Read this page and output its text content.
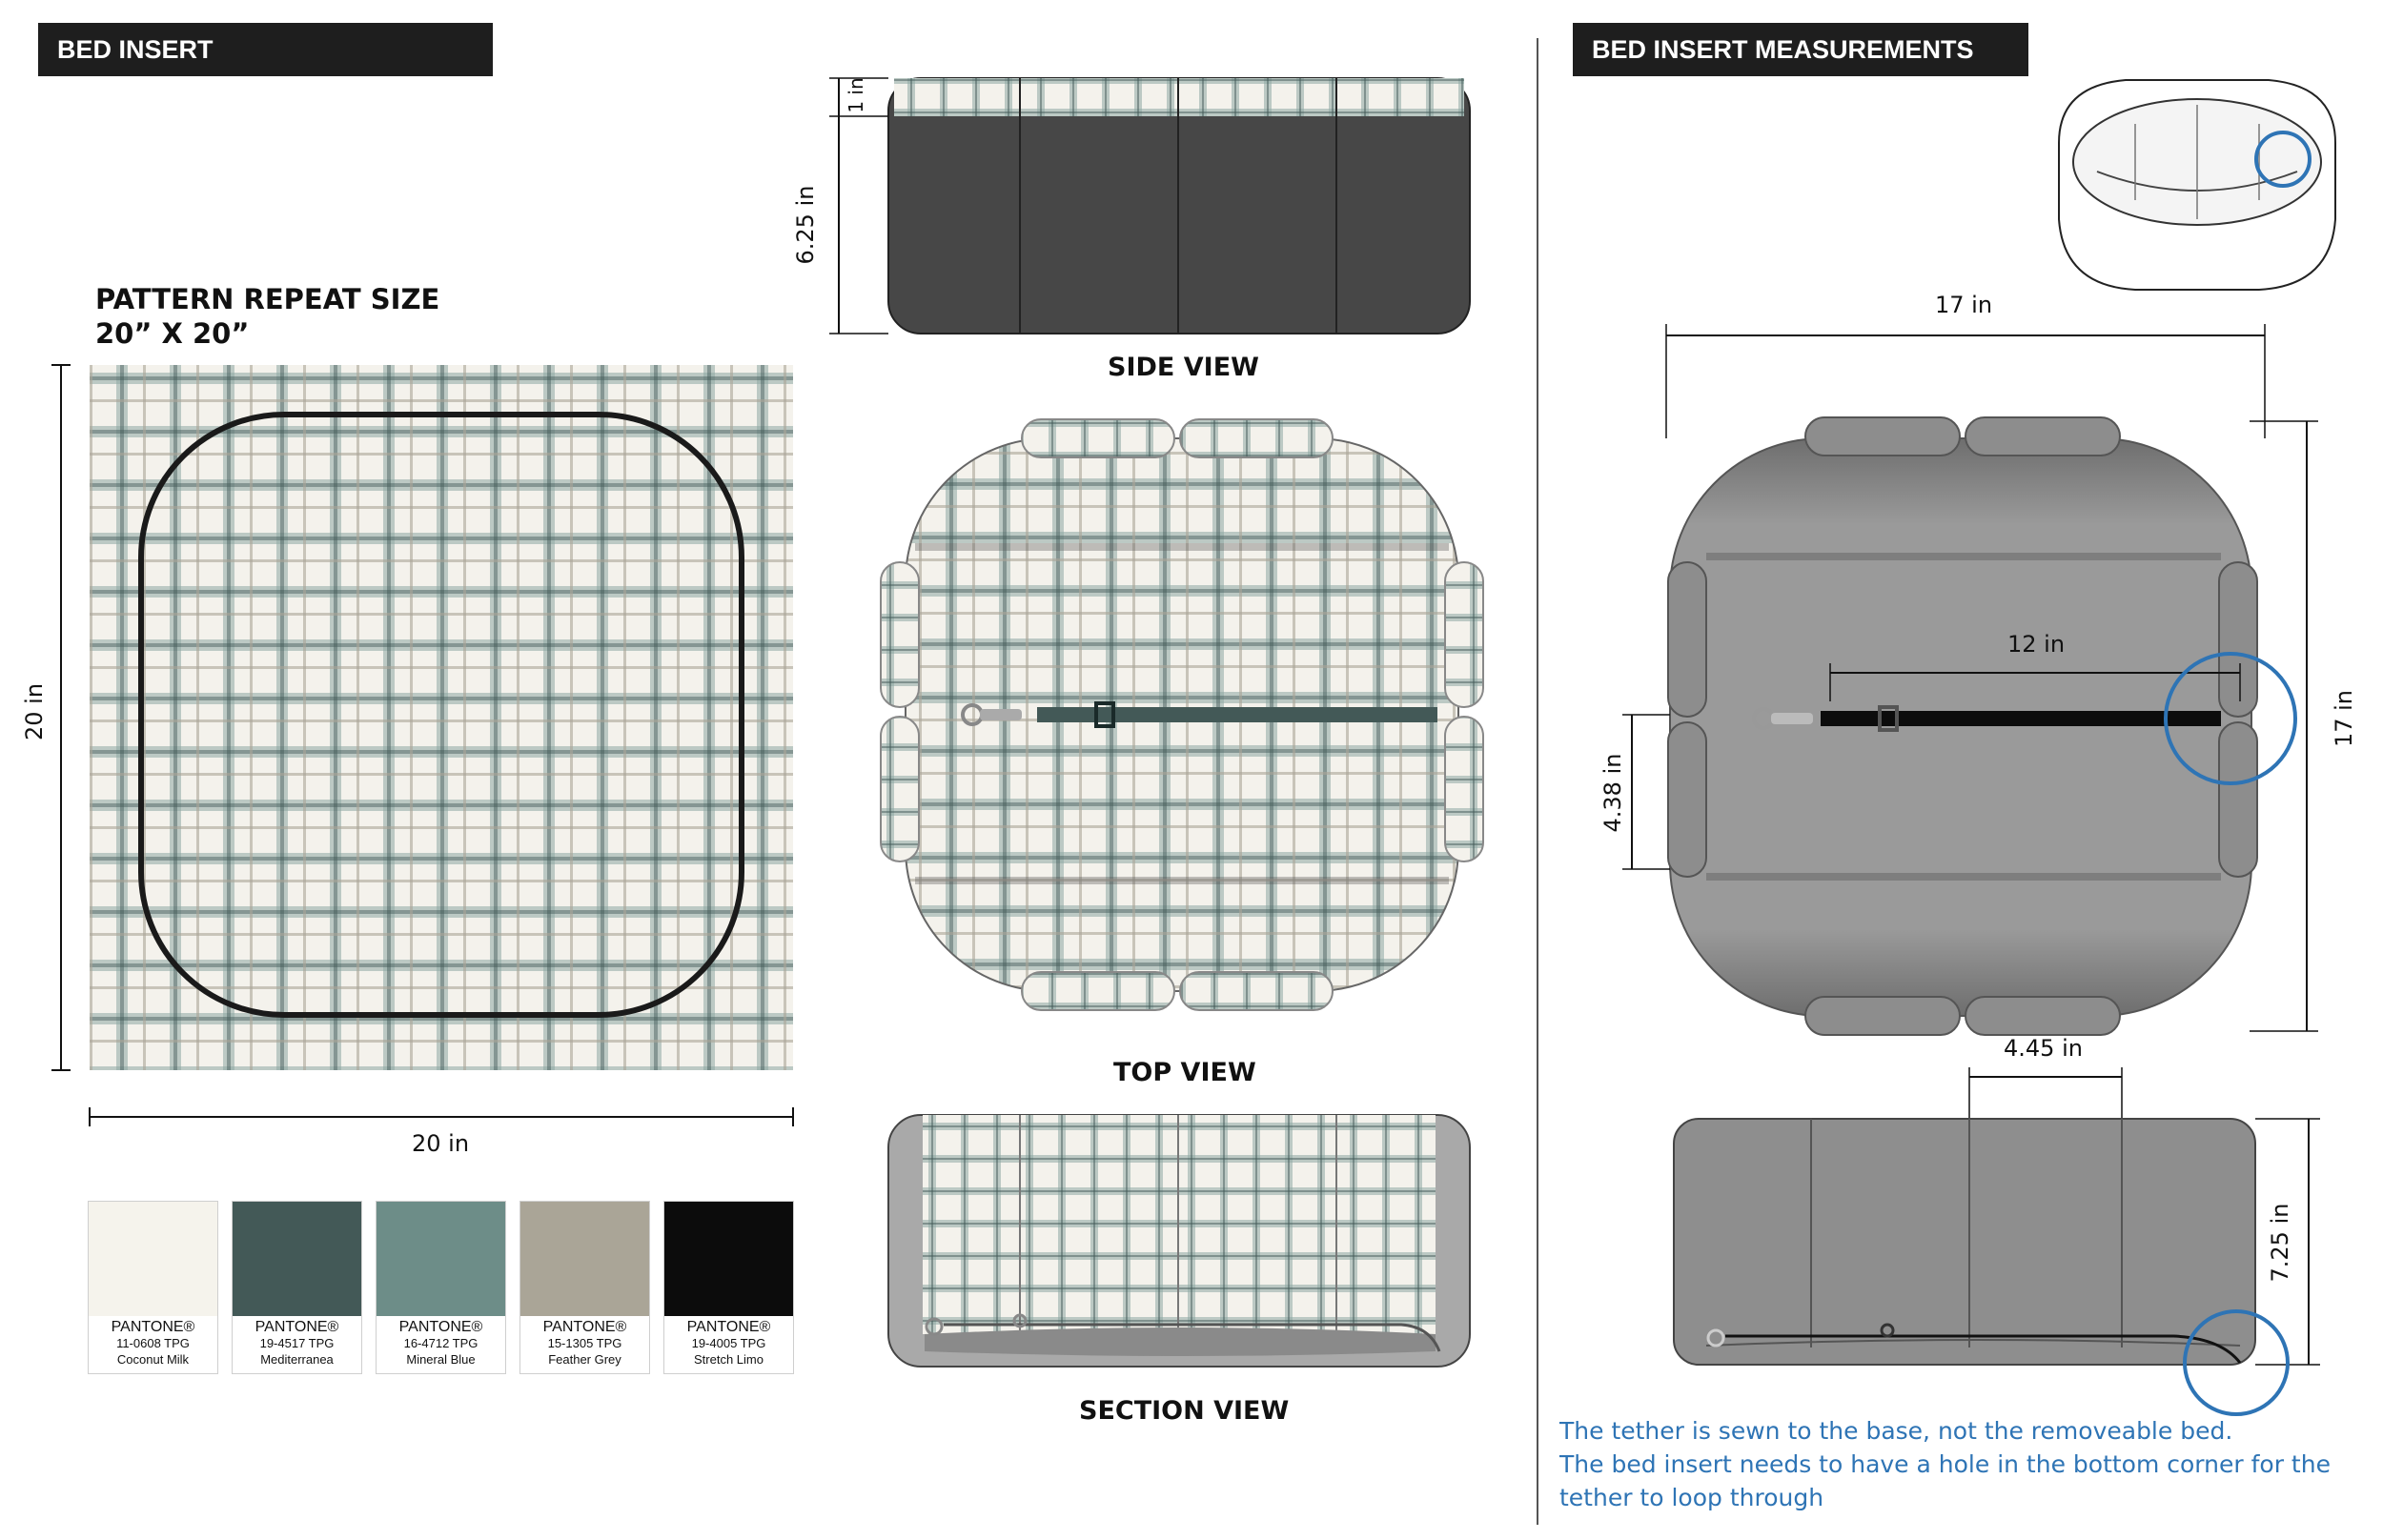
BED INSERT	BED INSERT MEASUREMENTS
PATTERN REPEAT SIZE
20” X 20”
20 in
20 in
PANTONE®
11-0608 TPG
Coconut Milk
PANTONE®
19-4517 TPG
Mediterranea
PANTONE®
16-4712 TPG
Mineral Blue
PANTONE®
15-1305 TPG
Feather Grey
PANTONE®
19-4005 TPG
Stretch Limo
1 in
6.25 in
SIDE VIEW
TOP VIEW
SECTION VIEW
17 in
17 in
12 in
4.38 in
4.45 in
7.25 in
The tether is sewn to the base, not the removeable bed.
The bed insert needs to have a hole in the bottom corner for the
tether to loop through
